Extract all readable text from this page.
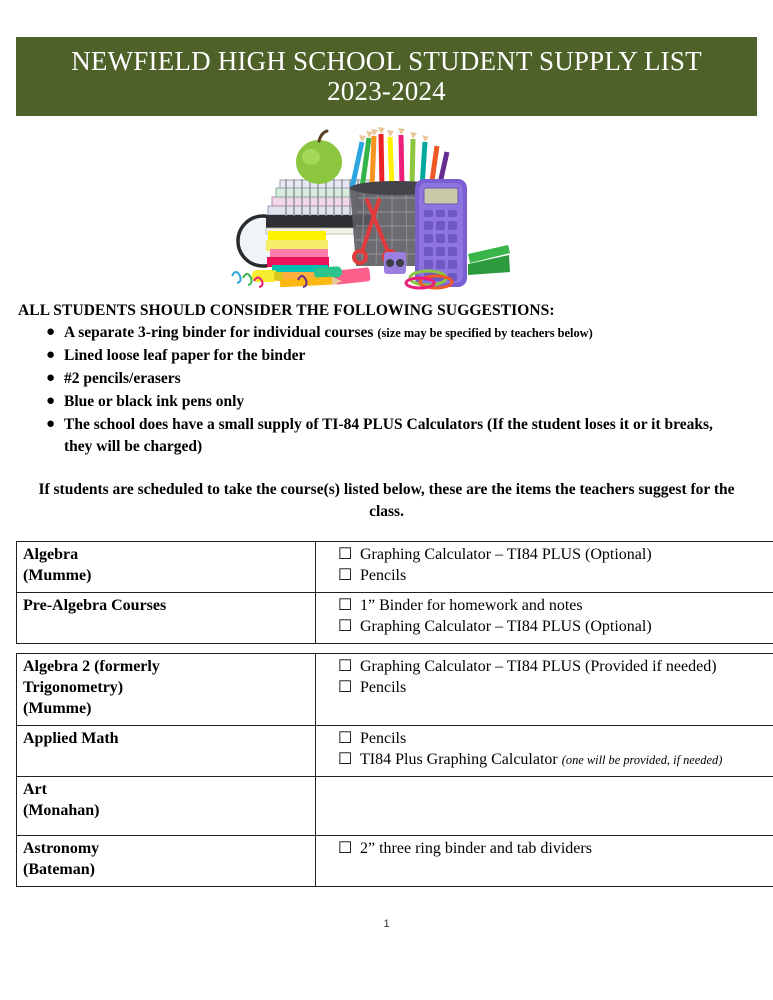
NEWFIELD HIGH SCHOOL STUDENT SUPPLY LIST
2023-2024
ALL STUDENTS SHOULD CONSIDER THE FOLLOWING SUGGESTIONS:
● A separate 3-ring binder for individual courses (size may be specified by teachers below)
● Lined loose leaf paper for the binder
● #2 pencils/erasers
● Blue or black ink pens only
● The school does have a small supply of TI-84 PLUS Calculators (If the student loses it or it breaks, they will be charged)
If students are scheduled to take the course(s) listed below, these are the items the teachers suggest for the class.
Algebra
(Mumme)	☐ Graphing Calculator – TI84 PLUS (Optional)
☐ Pencils

Pre-Algebra Courses	☐ 1” Binder for homework and notes
☐ Graphing Calculator – TI84 PLUS (Optional)
Algebra 2 (formerly
Trigonometry)
(Mumme)	☐ Graphing Calculator – TI84 PLUS (Provided if needed)
☐ Pencils

Applied Math	☐ Pencils
☐ TI84 Plus Graphing Calculator (one will be provided, if needed)

Art
(Monahan)	

Astronomy
(Bateman)	☐ 2” three ring binder and tab dividers
1
